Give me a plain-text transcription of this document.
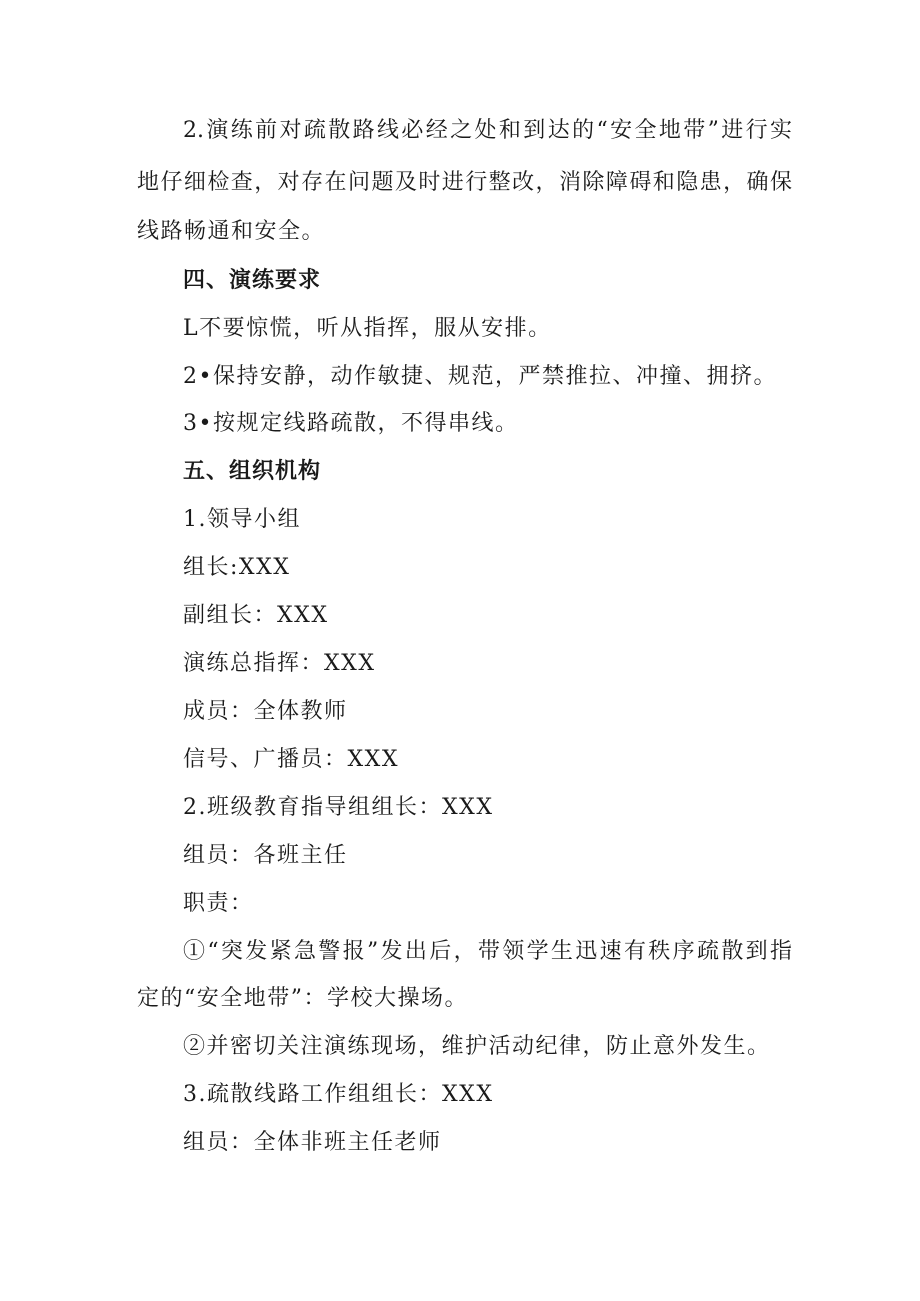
2.演练前对疏散路线必经之处和到达的“安全地带”进行实
地仔细检查，对存在问题及时进行整改，消除障碍和隐患，确保
线路畅通和安全。
四、演练要求
L不要惊慌，听从指挥，服从安排。
2•保持安静，动作敏捷、规范，严禁推拉、冲撞、拥挤。
3•按规定线路疏散，不得串线。
五、组织机构
1.领导小组
组长:XXX
副组长：XXX
演练总指挥：XXX
成员：全体教师
信号、广播员：XXX
2.班级教育指导组组长：XXX
组员：各班主任
职责：
①“突发紧急警报”发出后，带领学生迅速有秩序疏散到指
定的“安全地带”：学校大操场。
②并密切关注演练现场，维护活动纪律，防止意外发生。
3.疏散线路工作组组长：XXX
组员：全体非班主任老师
